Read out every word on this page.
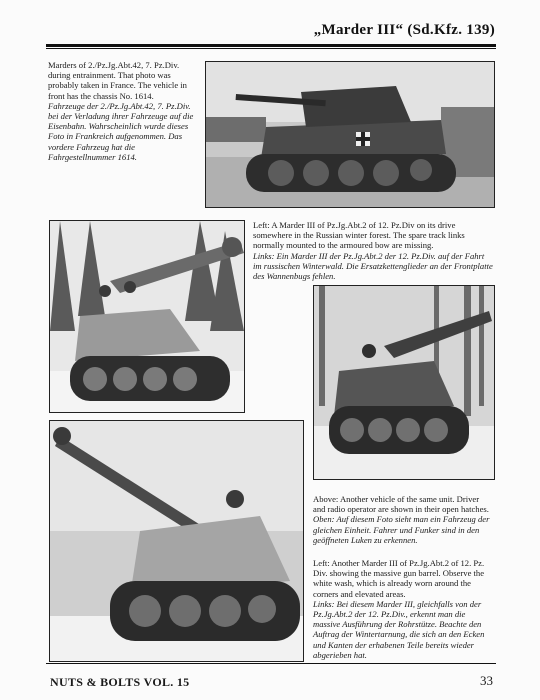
„Marder III“ (Sd.Kfz. 139)

Marders of 2./Pz.Jg.Abt.42, 7. Pz.Div. during entrainment. That photo was probably taken in France. The vehicle in front has the chassis No. 1614.

Fahrzeuge der 2./Pz.Jg.Abt.42, 7. Pz.Div. bei der Verladung ihrer Fahrzeuge auf die Eisenbahn. Wahrscheinlich wurde dieses Foto in Frankreich aufgenommen. Das vordere Fahrzeug hat die Fahrgestellnummer 1614.

Left: A Marder III of Pz.Jg.Abt.2 of 12. Pz.Div on its drive somewhere in the Russian winter forest. The spare track links normally mounted to the armoured bow are missing.

Links: Ein Marder III der Pz.Jg.Abt.2 der 12. Pz.Div. auf der Fahrt im russischen Winterwald. Die Ersatzkettenglieder an der Frontplatte des Wannenbugs fehlen.

Above: Another vehicle of the same unit. Driver and radio operator are shown in their open hatches.

Oben: Auf diesem Foto sieht man ein Fahrzeug der gleichen Einheit. Fahrer und Funker sind in den geöffneten Luken zu erkennen.

Left: Another Marder III of Pz.Jg.Abt.2 of 12. Pz. Div. showing the massive gun barrel. Observe the white wash, which is already worn around the corners and elevated areas.

Links: Bei diesem Marder III, gleichfalls von der Pz.Jg.Abt.2 der 12. Pz.Div., erkennt man die massive Ausführung der Rohrstütze. Beachte den Auftrag der Wintertarnung, die sich an den Ecken und Kanten der erhabenen Teile bereits wieder abgerieben hat.

NUTS & BOLTS VOL. 15	33
